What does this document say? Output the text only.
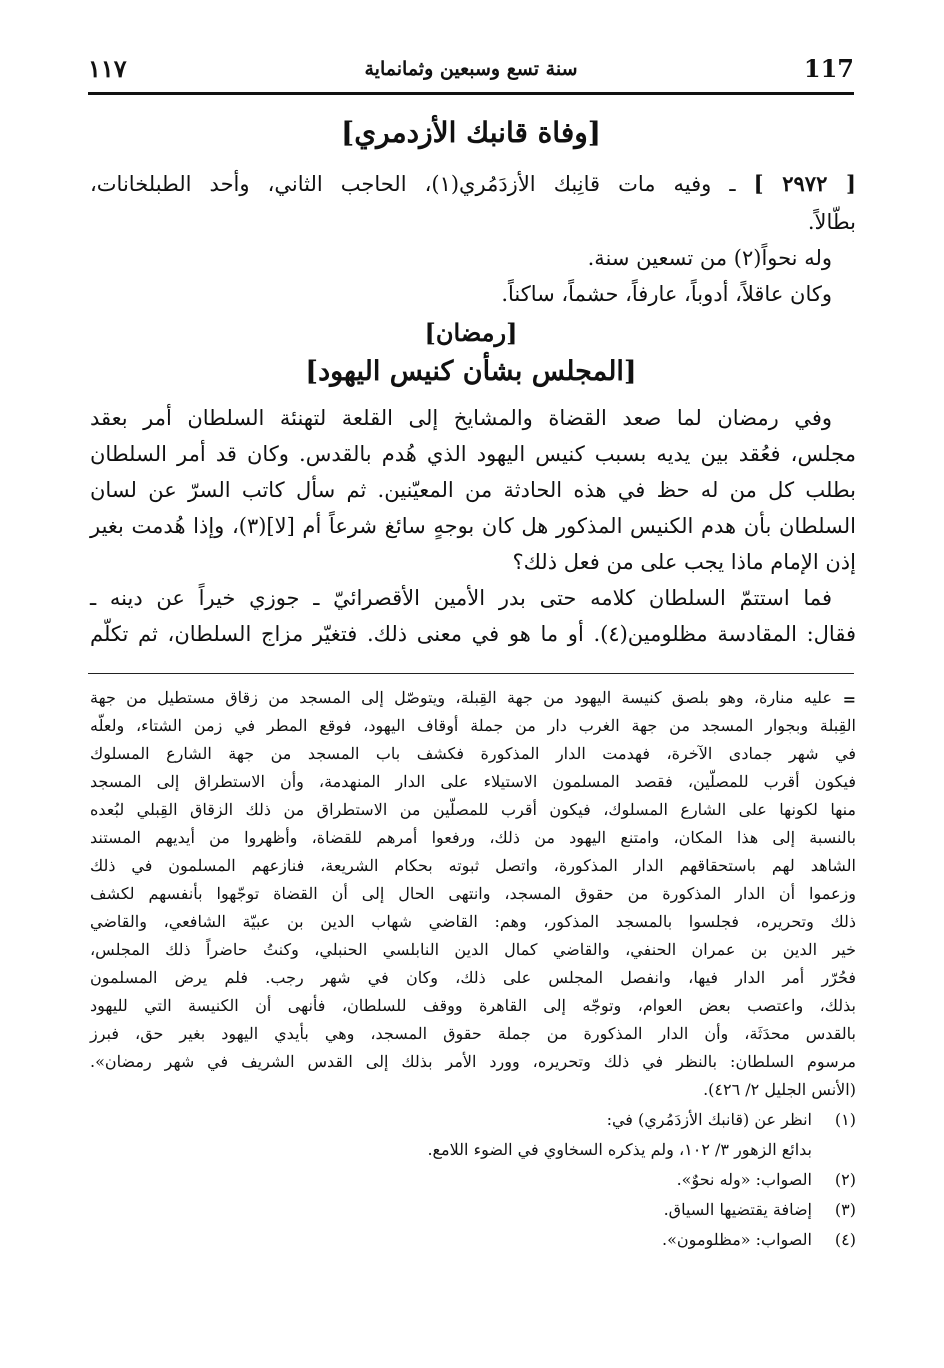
١١٧	سنة تسع وسبعين وثمانماية	117
[وفاة قانبك الأزدمري]
[ ٢٩٧٢ ] ـ وفيه مات قانِبك الأزدَمُري(١)، الحاجب الثاني، وأحد الطبلخانات،
بطّالاً.
وله نحواً(٢) من تسعين سنة.
وكان عاقلاً، أدوباً، عارفاً، حشماً، ساكناً.
[رمضان]
[المجلس بشأن كنيس اليهود]
وفي رمضان لما صعد القضاة والمشايخ إلى القلعة لتهنئة السلطان أمر بعقد
مجلس، فعُقد بين يديه بسبب كنيس اليهود الذي هُدم بالقدس. وكان قد أمر السلطان
بطلب كل من له حظ في هذه الحادثة من المعيّنين. ثم سأل كاتب السرّ عن لسان
السلطان بأن هدم الكنيس المذكور هل كان بوجهٍ سائغ شرعاً أم [لا](٣)، وإذا هُدمت بغير
إذن الإمام ماذا يجب على من فعل ذلك؟
فما استتمّ السلطان كلامه حتى بدر الأمين الأقصرائيّ ـ جوزي خيراً عن دينه ـ
فقال: المقادسة مظلومين(٤). أو ما هو في معنى ذلك. فتغيّر مزاج السلطان، ثم تكلّم
=
عليه منارة، وهو بلصق كنيسة اليهود من جهة القِبلة، ويتوصّل إلى المسجد من زقاق مستطيل من جهة
القِبلة وبجوار المسجد من جهة الغرب دار من جملة أوقاف اليهود، فوقع المطر في زمن الشتاء، ولعلّه
في شهر جمادى الآخرة، فهدمت الدار المذكورة فكشف باب المسجد من جهة الشارع المسلوك
فيكون أقرب للمصلّين، فقصد المسلمون الاستيلاء على الدار المنهدمة، وأن الاستطراق إلى المسجد
منها لكونها على الشارع المسلوك، فيكون أقرب للمصلّين من الاستطراق من ذلك الزقاق القِبلي لبُعده
بالنسبة إلى هذا المكان، وامتنع اليهود من ذلك، ورفعوا أمرهم للقضاة، وأظهروا من أيديهم المستند
الشاهد لهم باستحقاقهم الدار المذكورة، واتصل ثبوته بحكام الشريعة، فنازعهم المسلمون في ذلك
وزعموا أن الدار المذكورة من حقوق المسجد، وانتهى الحال إلى أن القضاة توجّهوا بأنفسهم لكشف
ذلك وتحريره، فجلسوا بالمسجد المذكور، وهم: القاضي شهاب الدين بن عبيّة الشافعي، والقاضي
خير الدين بن عمران الحنفي، والقاضي كمال الدين النابلسي الحنبلي، وكنتُ حاضراً ذلك المجلس،
فحُرّر أمر الدار فيها، وانفصل المجلس على ذلك، وكان في شهر رجب. فلم يرض المسلمون
بذلك، واعتصب بعض العوام، وتوجّه إلى القاهرة ووقف للسلطان، فأنهى أن الكنيسة التي لليهود
بالقدس محدَثَة، وأن الدار المذكورة من جملة حقوق المسجد، وهي بأيدي اليهود بغير حق، فبرز
مرسوم السلطان: بالنظر في ذلك وتحريره، وورد الأمر بذلك إلى القدس الشريف في شهر رمضان».
(الأنس الجليل ٢/ ٤٢٦).
(١)
انظر عن (قانبك الأزدَمُري) في:
بدائع الزهور ٣/ ١٠٢، ولم يذكره السخاوي في الضوء اللامع.
(٢)
الصواب: «وله نحوٌ».
(٣)
إضافة يقتضيها السياق.
(٤)
الصواب: «مظلومون».
